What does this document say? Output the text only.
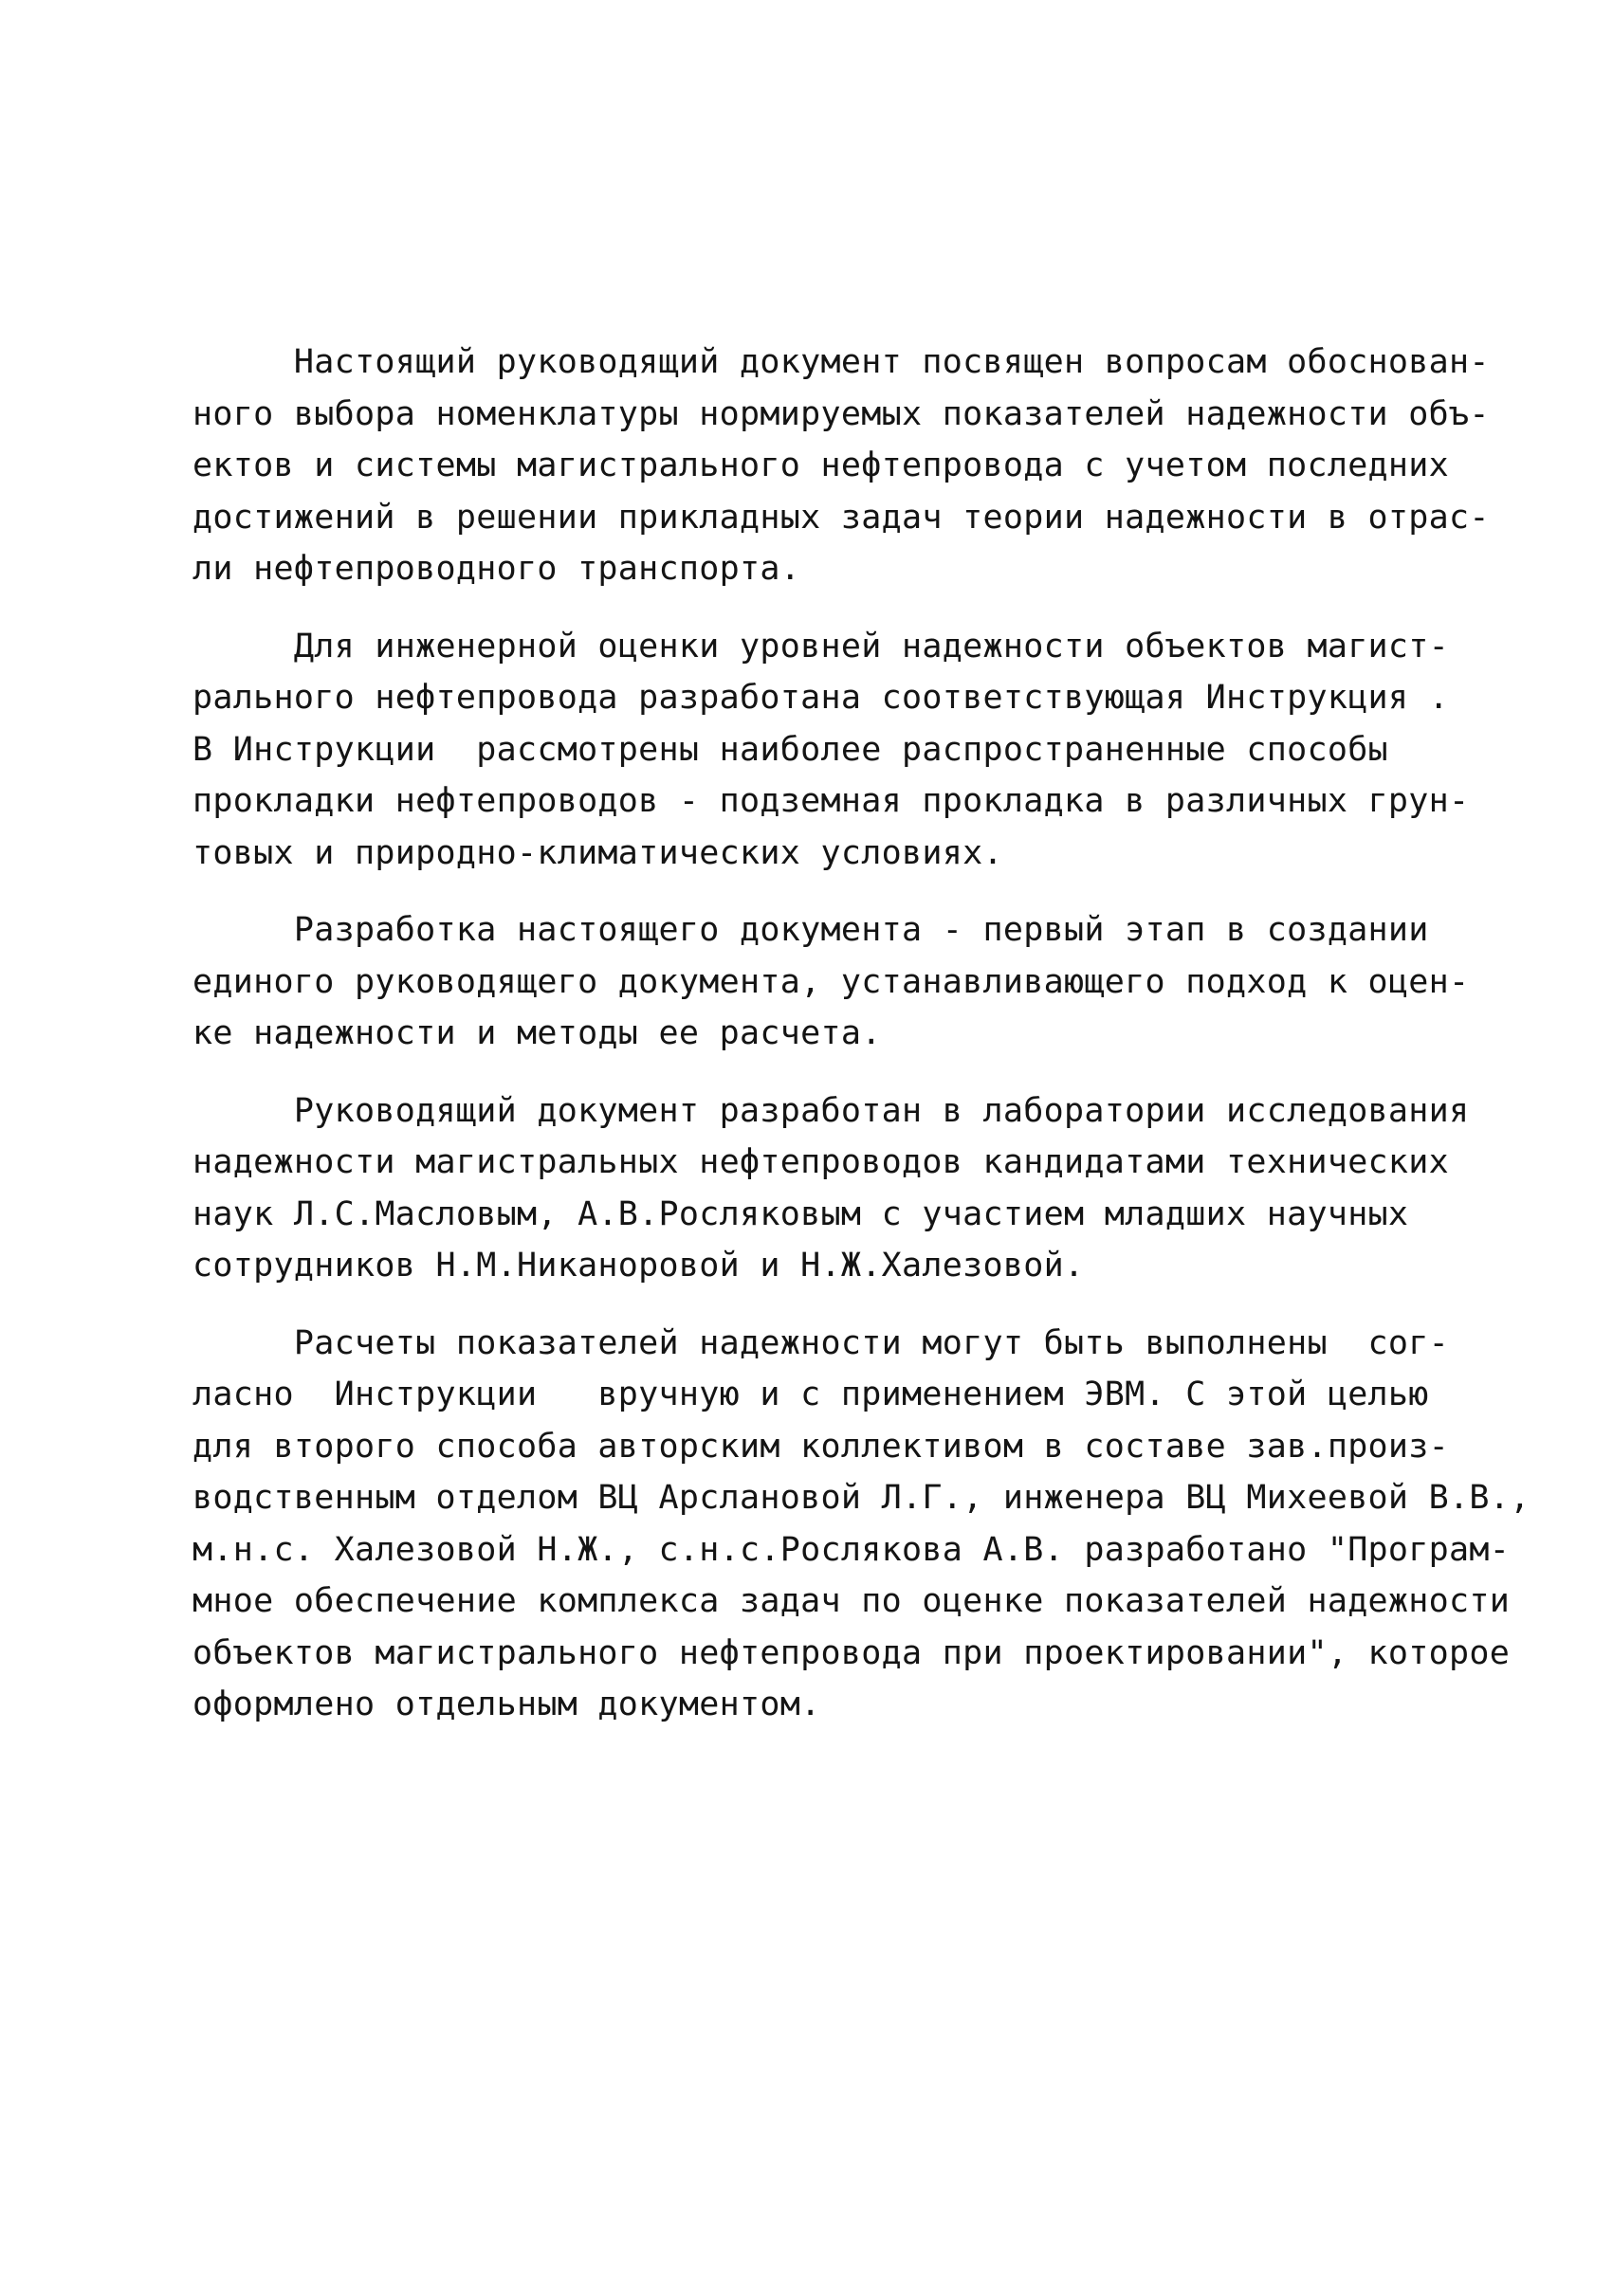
Настоящий руководящий документ посвящен вопросам обоснован-
ного выбора номенклатуры нормируемых показателей надежности объ-
ектов и системы магистрального нефтепровода с учетом последних
достижений в решении прикладных задач теории надежности в отрас-
ли нефтепроводного транспорта.

Для инженерной оценки уровней надежности объектов магист-
рального нефтепровода разработана соответствующая Инструкция .
В Инструкции  рассмотрены наиболее распространенные способы
прокладки нефтепроводов - подземная прокладка в различных грун-
товых и природно-климатических условиях.

Разработка настоящего документа - первый этап в создании
единого руководящего документа, устанавливающего подход к оцен-
ке надежности и методы ее расчета.

Руководящий документ разработан в лаборатории исследования
надежности магистральных нефтепроводов кандидатами технических
наук Л.С.Масловым, А.В.Росляковым с участием младших научных
сотрудников Н.М.Никаноровой и Н.Ж.Халезовой.

Расчеты показателей надежности могут быть выполнены  сог-
ласно  Инструкции   вручную и с применением ЭВМ. С этой целью
для второго способа авторским коллективом в составе зав.произ-
водственным отделом ВЦ Арслановой Л.Г., инженера ВЦ Михеевой В.В.,
м.н.с. Халезовой Н.Ж., с.н.с.Рослякова А.В. разработано "Програм-
мное обеспечение комплекса задач по оценке показателей надежности
объектов магистрального нефтепровода при проектировании", которое
оформлено отдельным документом.
